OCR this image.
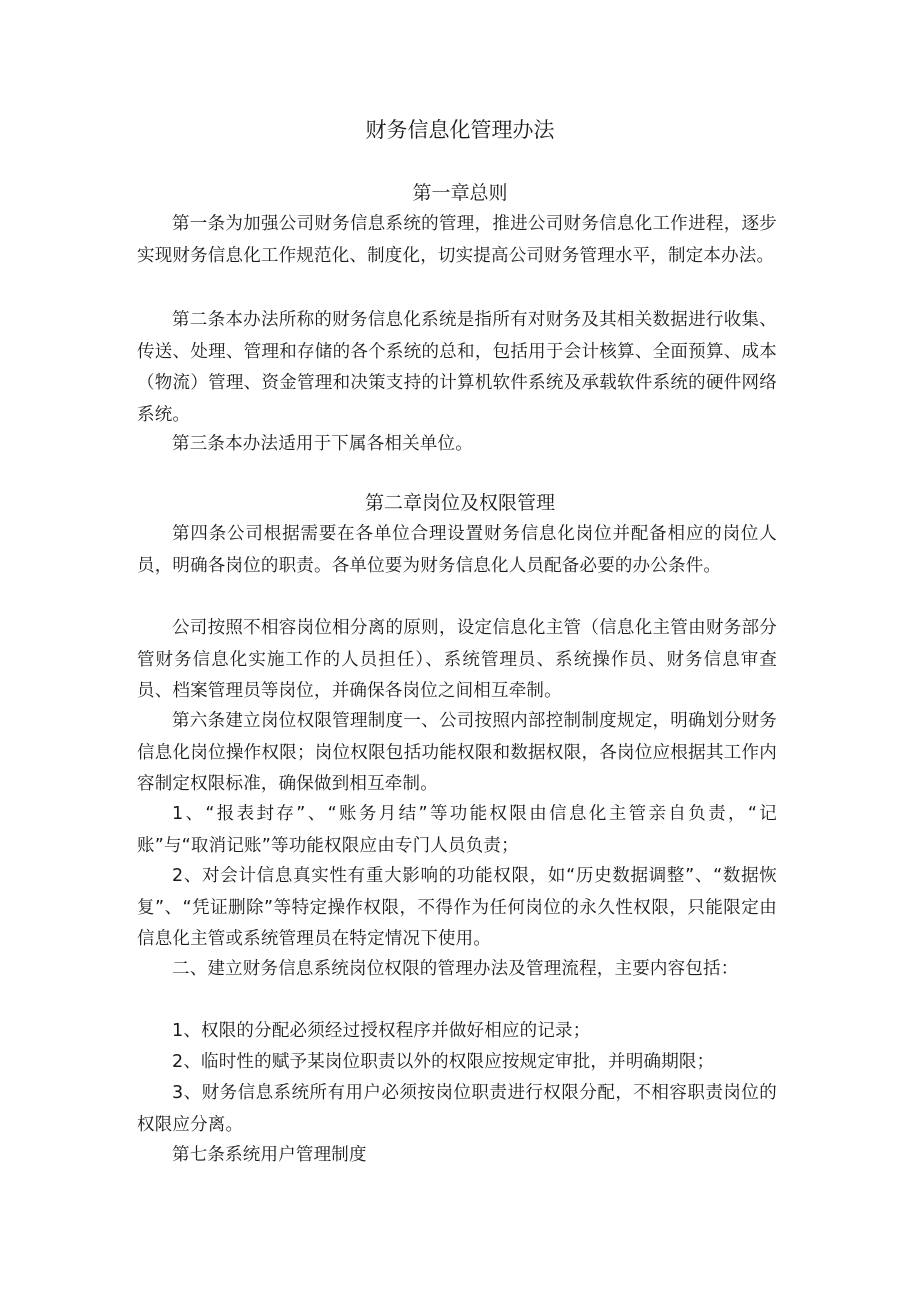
财务信息化管理办法
第一章总则

第一条为加强公司财务信息系统的管理，推进公司财务信息化工作进程，逐步实现财务信息化工作规范化、制度化，切实提高公司财务管理水平，制定本办法。

第二条本办法所称的财务信息化系统是指所有对财务及其相关数据进行收集、传送、处理、管理和存储的各个系统的总和，包括用于会计核算、全面预算、成本（物流）管理、资金管理和决策支持的计算机软件系统及承载软件系统的硬件网络系统。

第三条本办法适用于下属各相关单位。

第二章岗位及权限管理

第四条公司根据需要在各单位合理设置财务信息化岗位并配备相应的岗位人员，明确各岗位的职责。各单位要为财务信息化人员配备必要的办公条件。

公司按照不相容岗位相分离的原则，设定信息化主管（信息化主管由财务部分管财务信息化实施工作的人员担任）、系统管理员、系统操作员、财务信息审查员、档案管理员等岗位，并确保各岗位之间相互牵制。

第六条建立岗位权限管理制度一、公司按照内部控制制度规定，明确划分财务信息化岗位操作权限；岗位权限包括功能权限和数据权限，各岗位应根据其工作内容制定权限标准，确保做到相互牵制。

1、“报表封存”、“账务月结”等功能权限由信息化主管亲自负责，“记账”与“取消记账”等功能权限应由专门人员负责；

2、对会计信息真实性有重大影响的功能权限，如“历史数据调整”、“数据恢复”、“凭证删除”等特定操作权限，不得作为任何岗位的永久性权限，只能限定由信息化主管或系统管理员在特定情况下使用。

二、建立财务信息系统岗位权限的管理办法及管理流程，主要内容包括：

1、权限的分配必须经过授权程序并做好相应的记录；

2、临时性的赋予某岗位职责以外的权限应按规定审批，并明确期限；

3、财务信息系统所有用户必须按岗位职责进行权限分配，不相容职责岗位的权限应分离。

第七条系统用户管理制度
